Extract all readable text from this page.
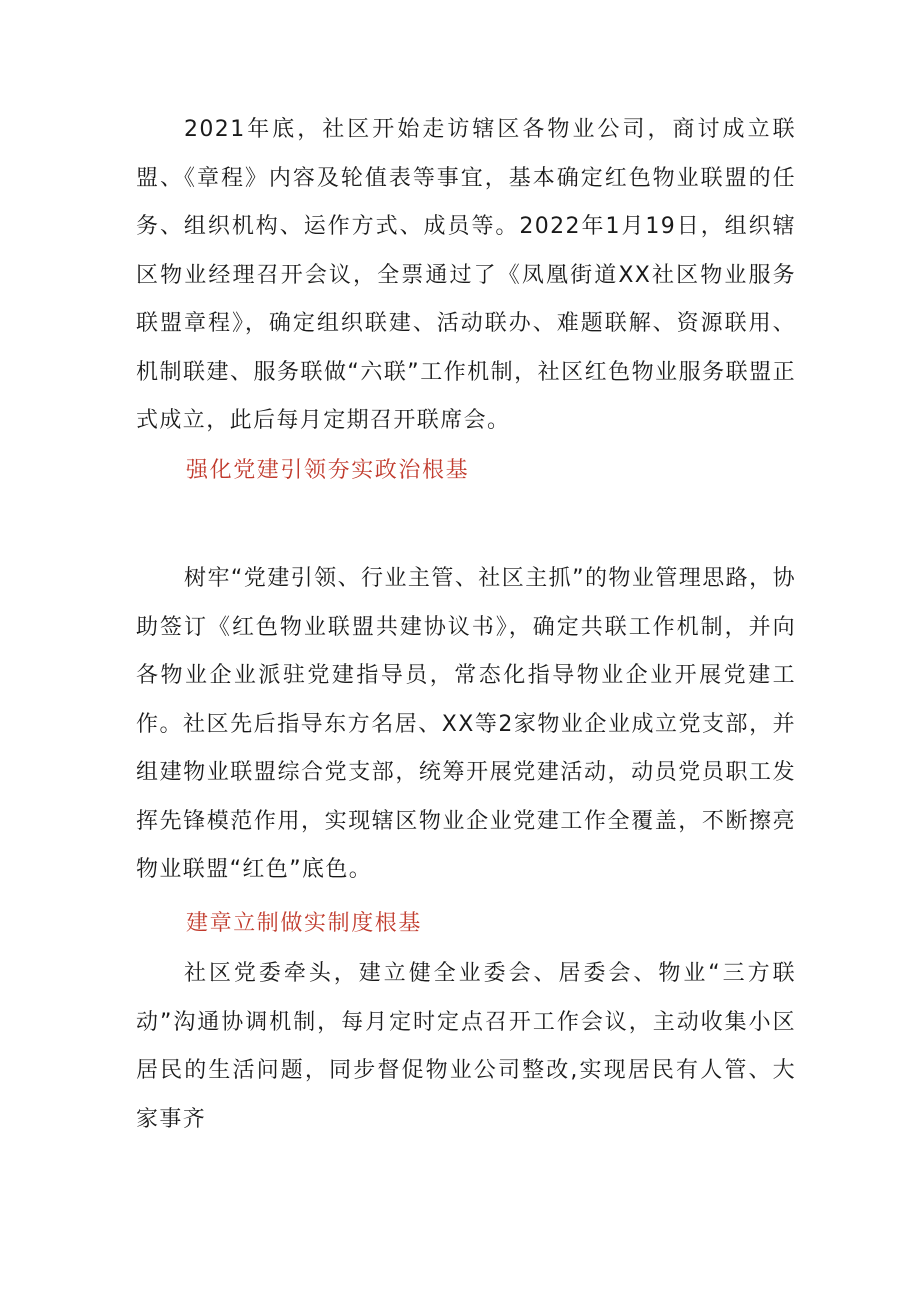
2021年底，社区开始走访辖区各物业公司，商讨成立联盟、《章程》内容及轮值表等事宜，基本确定红色物业联盟的任务、组织机构、运作方式、成员等。2022年1月19日，组织辖区物业经理召开会议，全票通过了《凤凰街道XX社区物业服务联盟章程》，确定组织联建、活动联办、难题联解、资源联用、机制联建、服务联做“六联”工作机制，社区红色物业服务联盟正式成立，此后每月定期召开联席会。

强化党建引领夯实政治根基

树牢“党建引领、行业主管、社区主抓”的物业管理思路，协助签订《红色物业联盟共建协议书》，确定共联工作机制，并向各物业企业派驻党建指导员，常态化指导物业企业开展党建工作。社区先后指导东方名居、XX等2家物业企业成立党支部，并组建物业联盟综合党支部，统筹开展党建活动，动员党员职工发挥先锋模范作用，实现辖区物业企业党建工作全覆盖，不断擦亮物业联盟“红色”底色。

建章立制做实制度根基

社区党委牵头，建立健全业委会、居委会、物业“三方联动”沟通协调机制，每月定时定点召开工作会议，主动收集小区居民的生活问题，同步督促物业公司整改,实现居民有人管、大家事齐
